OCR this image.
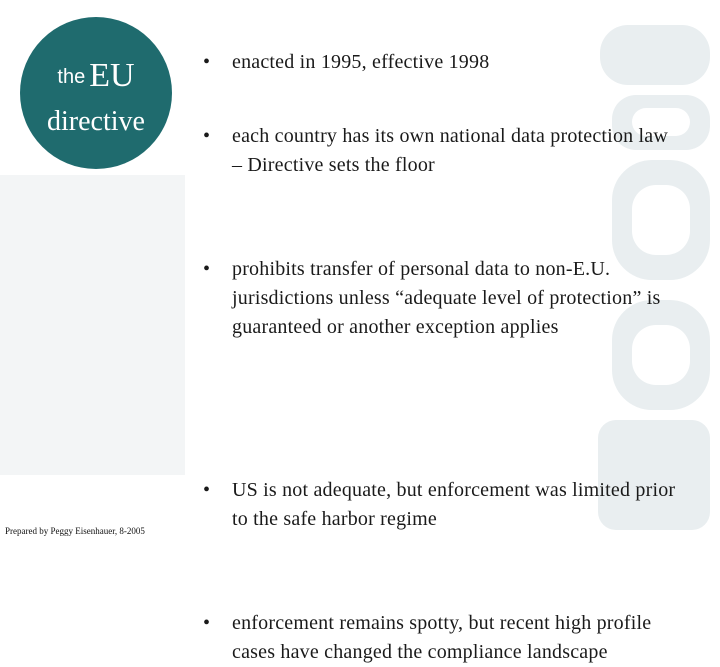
the EU
directive
• enacted in 1995, effective 1998
• each country has its own national data protection law – Directive sets the floor
• prohibits transfer of personal data to non-E.U. jurisdictions unless “adequate level of protection” is guaranteed or another exception applies
• US is not adequate, but enforcement was limited prior to the safe harbor regime
• enforcement remains spotty, but recent high profile cases have changed the compliance landscape
Prepared by Peggy Eisenhauer, 8-2005
